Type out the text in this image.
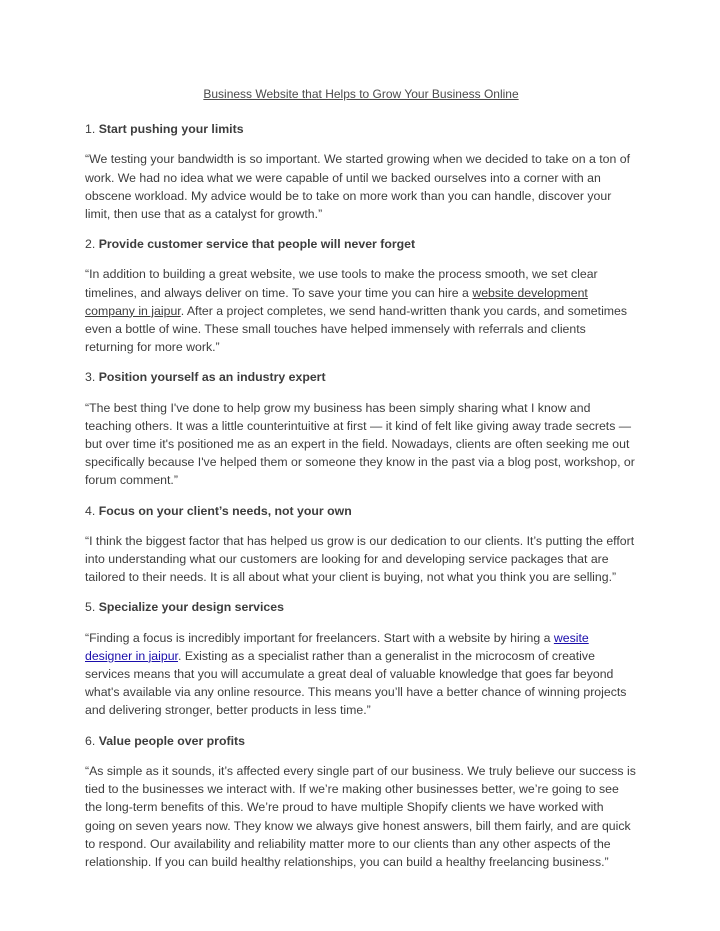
Business Website that Helps to Grow Your Business Online
1. Start pushing your limits

“We testing your bandwidth is so important. We started growing when we decided to take on a ton of work. We had no idea what we were capable of until we backed ourselves into a corner with an obscene workload. My advice would be to take on more work than you can handle, discover your limit, then use that as a catalyst for growth.”

2. Provide customer service that people will never forget

“In addition to building a great website, we use tools to make the process smooth, we set clear timelines, and always deliver on time. To save your time you can hire a website development company in jaipur. After a project completes, we send hand-written thank you cards, and sometimes even a bottle of wine. These small touches have helped immensely with referrals and clients returning for more work.”

3. Position yourself as an industry expert

“The best thing I've done to help grow my business has been simply sharing what I know and teaching others. It was a little counterintuitive at first — it kind of felt like giving away trade secrets — but over time it's positioned me as an expert in the field. Nowadays, clients are often seeking me out specifically because I've helped them or someone they know in the past via a blog post, workshop, or forum comment.”

4. Focus on your client’s needs, not your own

“I think the biggest factor that has helped us grow is our dedication to our clients. It’s putting the effort into understanding what our customers are looking for and developing service packages that are tailored to their needs. It is all about what your client is buying, not what you think you are selling.”

5. Specialize your design services

“Finding a focus is incredibly important for freelancers. Start with a website by hiring a wesite designer in jaipur. Existing as a specialist rather than a generalist in the microcosm of creative services means that you will accumulate a great deal of valuable knowledge that goes far beyond what's available via any online resource. This means you’ll have a better chance of winning projects and delivering stronger, better products in less time.”

6. Value people over profits

“As simple as it sounds, it’s affected every single part of our business. We truly believe our success is tied to the businesses we interact with. If we’re making other businesses better, we’re going to see the long-term benefits of this. We’re proud to have multiple Shopify clients we have worked with going on seven years now. They know we always give honest answers, bill them fairly, and are quick to respond. Our availability and reliability matter more to our clients than any other aspects of the relationship. If you can build healthy relationships, you can build a healthy freelancing business.”
